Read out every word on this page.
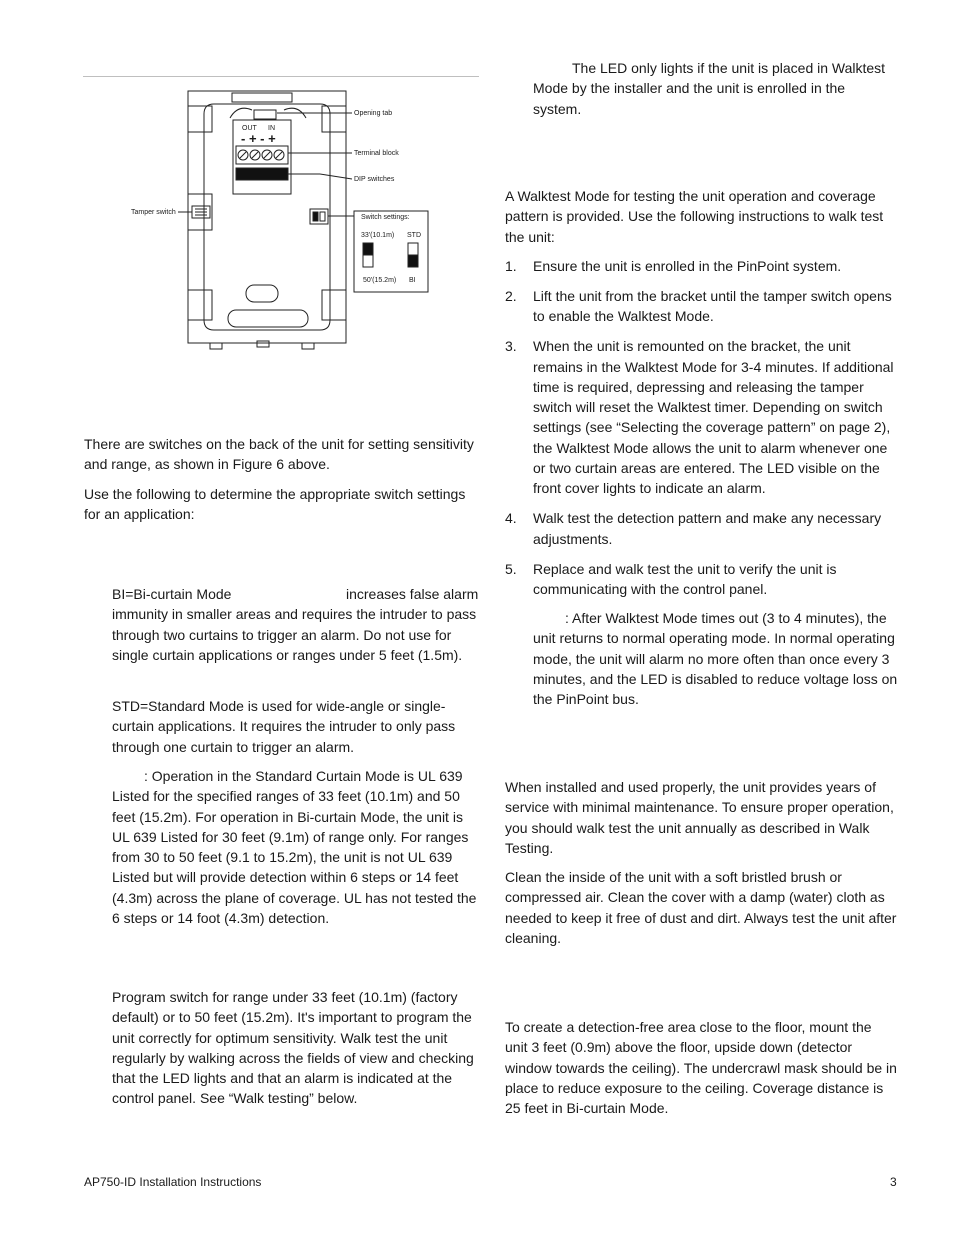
Opening tab
Terminal block
DIP switches
Tamper switch
OUT IN
- + - +
Switch settings:
33'(10.1m) STD
50'(15.2m) BI

There are switches on the back of the unit for setting sensitivity and range, as shown in Figure 6 above.

Use the following to determine the appropriate switch settings for an application:

BI=Bi-curtain Mode	increases false alarm immunity in smaller areas and requires the intruder to pass through two curtains to trigger an alarm. Do not use for single curtain applications or ranges under 5 feet (1.5m).

STD=Standard Mode is used for wide-angle or single-curtain applications. It requires the intruder to only pass through one curtain to trigger an alarm.

: Operation in the Standard Curtain Mode is UL 639 Listed for the specified ranges of 33 feet (10.1m) and 50 feet (15.2m). For operation in Bi-curtain Mode, the unit is UL 639 Listed for 30 feet (9.1m) of range only. For ranges from 30 to 50 feet (9.1 to 15.2m), the unit is not UL 639 Listed but will provide detection within 6 steps or 14 feet (4.3m) across the plane of coverage. UL has not tested the 6 steps or 14 foot (4.3m) detection.

Program switch for range under 33 feet (10.1m) (factory default) or to 50 feet (15.2m). It's important to program the unit correctly for optimum sensitivity. Walk test the unit regularly by walking across the fields of view and checking that the LED lights and that an alarm is indicated at the control panel. See “Walk testing” below.

The LED only lights if the unit is placed in Walktest Mode by the installer and the unit is enrolled in the system.

A Walktest Mode for testing the unit operation and coverage pattern is provided. Use the following instructions to walk test the unit:

1. Ensure the unit is enrolled in the PinPoint system.
2. Lift the unit from the bracket until the tamper switch opens to enable the Walktest Mode.
3. When the unit is remounted on the bracket, the unit remains in the Walktest Mode for 3-4 minutes. If additional time is required, depressing and releasing the tamper switch will reset the Walktest timer. Depending on switch settings (see “Selecting the coverage pattern” on page 2), the Walktest Mode allows the unit to alarm whenever one or two curtain areas are entered. The LED visible on the front cover lights to indicate an alarm.
4. Walk test the detection pattern and make any necessary adjustments.
5. Replace and walk test the unit to verify the unit is communicating with the control panel.

: After Walktest Mode times out (3 to 4 minutes), the unit returns to normal operating mode. In normal operating mode, the unit will alarm no more often than once every 3 minutes, and the LED is disabled to reduce voltage loss on the PinPoint bus.

When installed and used properly, the unit provides years of service with minimal maintenance. To ensure proper operation, you should walk test the unit annually as described in Walk Testing.

Clean the inside of the unit with a soft bristled brush or compressed air. Clean the cover with a damp (water) cloth as needed to keep it free of dust and dirt. Always test the unit after cleaning.

To create a detection-free area close to the floor, mount the unit 3 feet (0.9m) above the floor, upside down (detector window towards the ceiling). The undercrawl mask should be in place to reduce exposure to the ceiling. Coverage distance is 25 feet in Bi-curtain Mode.

AP750-ID Installation Instructions	3
